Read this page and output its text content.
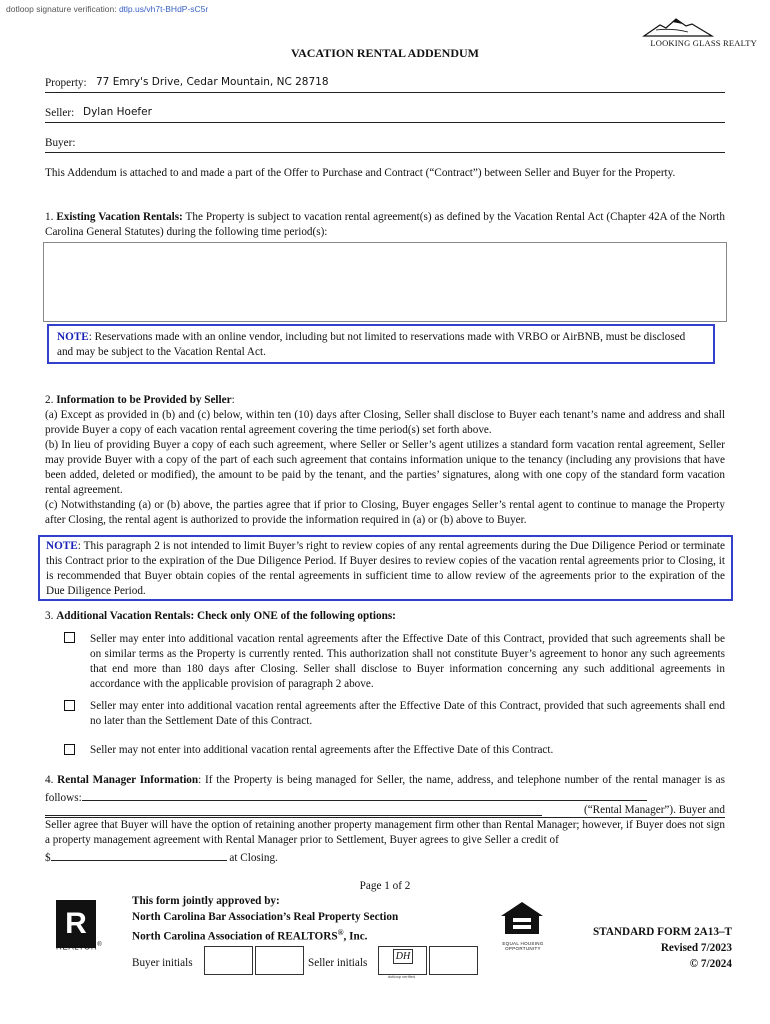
dotloop signature verification: dtlp.us/vh7t-BHdP-sC5r
LOOKING GLASS REALTY
VACATION RENTAL ADDENDUM
Property: 77 Emry's Drive, Cedar Mountain, NC 28718
Seller: Dylan Hoefer
Buyer:
This Addendum is attached to and made a part of the Offer to Purchase and Contract (“Contract”) between Seller and Buyer for the Property.
1. Existing Vacation Rentals: The Property is subject to vacation rental agreement(s) as defined by the Vacation Rental Act (Chapter 42A of the North Carolina General Statutes) during the following time period(s):
NOTE: Reservations made with an online vendor, including but not limited to reservations made with VRBO or AirBNB, must be disclosed and may be subject to the Vacation Rental Act.
2. Information to be Provided by Seller:
(a) Except as provided in (b) and (c) below, within ten (10) days after Closing, Seller shall disclose to Buyer each tenant’s name and address and shall provide Buyer a copy of each vacation rental agreement covering the time period(s) set forth above.
(b) In lieu of providing Buyer a copy of each such agreement, where Seller or Seller’s agent utilizes a standard form vacation rental agreement, Seller may provide Buyer with a copy of the part of each such agreement that contains information unique to the tenancy (including any provisions that have been added, deleted or modified), the amount to be paid by the tenant, and the parties’ signatures, along with one copy of the standard form vacation rental agreement.
(c) Notwithstanding (a) or (b) above, the parties agree that if prior to Closing, Buyer engages Seller’s rental agent to continue to manage the Property after Closing, the rental agent is authorized to provide the information required in (a) or (b) above to Buyer.
NOTE: This paragraph 2 is not intended to limit Buyer’s right to review copies of any rental agreements during the Due Diligence Period or terminate this Contract prior to the expiration of the Due Diligence Period. If Buyer desires to review copies of the vacation rental agreements prior to Closing, it is recommended that Buyer obtain copies of the rental agreements in sufficient time to allow review of the agreements prior to the expiration of the Due Diligence Period.
3. Additional Vacation Rentals: Check only ONE of the following options:
Seller may enter into additional vacation rental agreements after the Effective Date of this Contract, provided that such agreements shall be on similar terms as the Property is currently rented. This authorization shall not constitute Buyer’s agreement to honor any such agreements that end more than 180 days after Closing. Seller shall disclose to Buyer information concerning any such additional agreements in accordance with the applicable provision of paragraph 2 above.
Seller may enter into additional vacation rental agreements after the Effective Date of this Contract, provided that such agreements shall end no later than the Settlement Date of this Contract.
Seller may not enter into additional vacation rental agreements after the Effective Date of this Contract.
4. Rental Manager Information: If the Property is being managed for Seller, the name, address, and telephone number of the rental manager is as follows:
(“Rental Manager”). Buyer and
Seller agree that Buyer will have the option of retaining another property management firm other than Rental Manager; however, if Buyer does not sign a property management agreement with Rental Manager prior to Settlement, Buyer agrees to give Seller a credit of
$	at Closing.
Page 1 of 2
R
REALTOR®
This form jointly approved by:
North Carolina Bar Association’s Real Property Section
North Carolina Association of REALTORS®, Inc.
EQUAL HOUSING OPPORTUNITY
STANDARD FORM 2A13–T
Revised 7/2023
© 7/2024
Buyer initials	Seller initials
DH
dotloop verified
